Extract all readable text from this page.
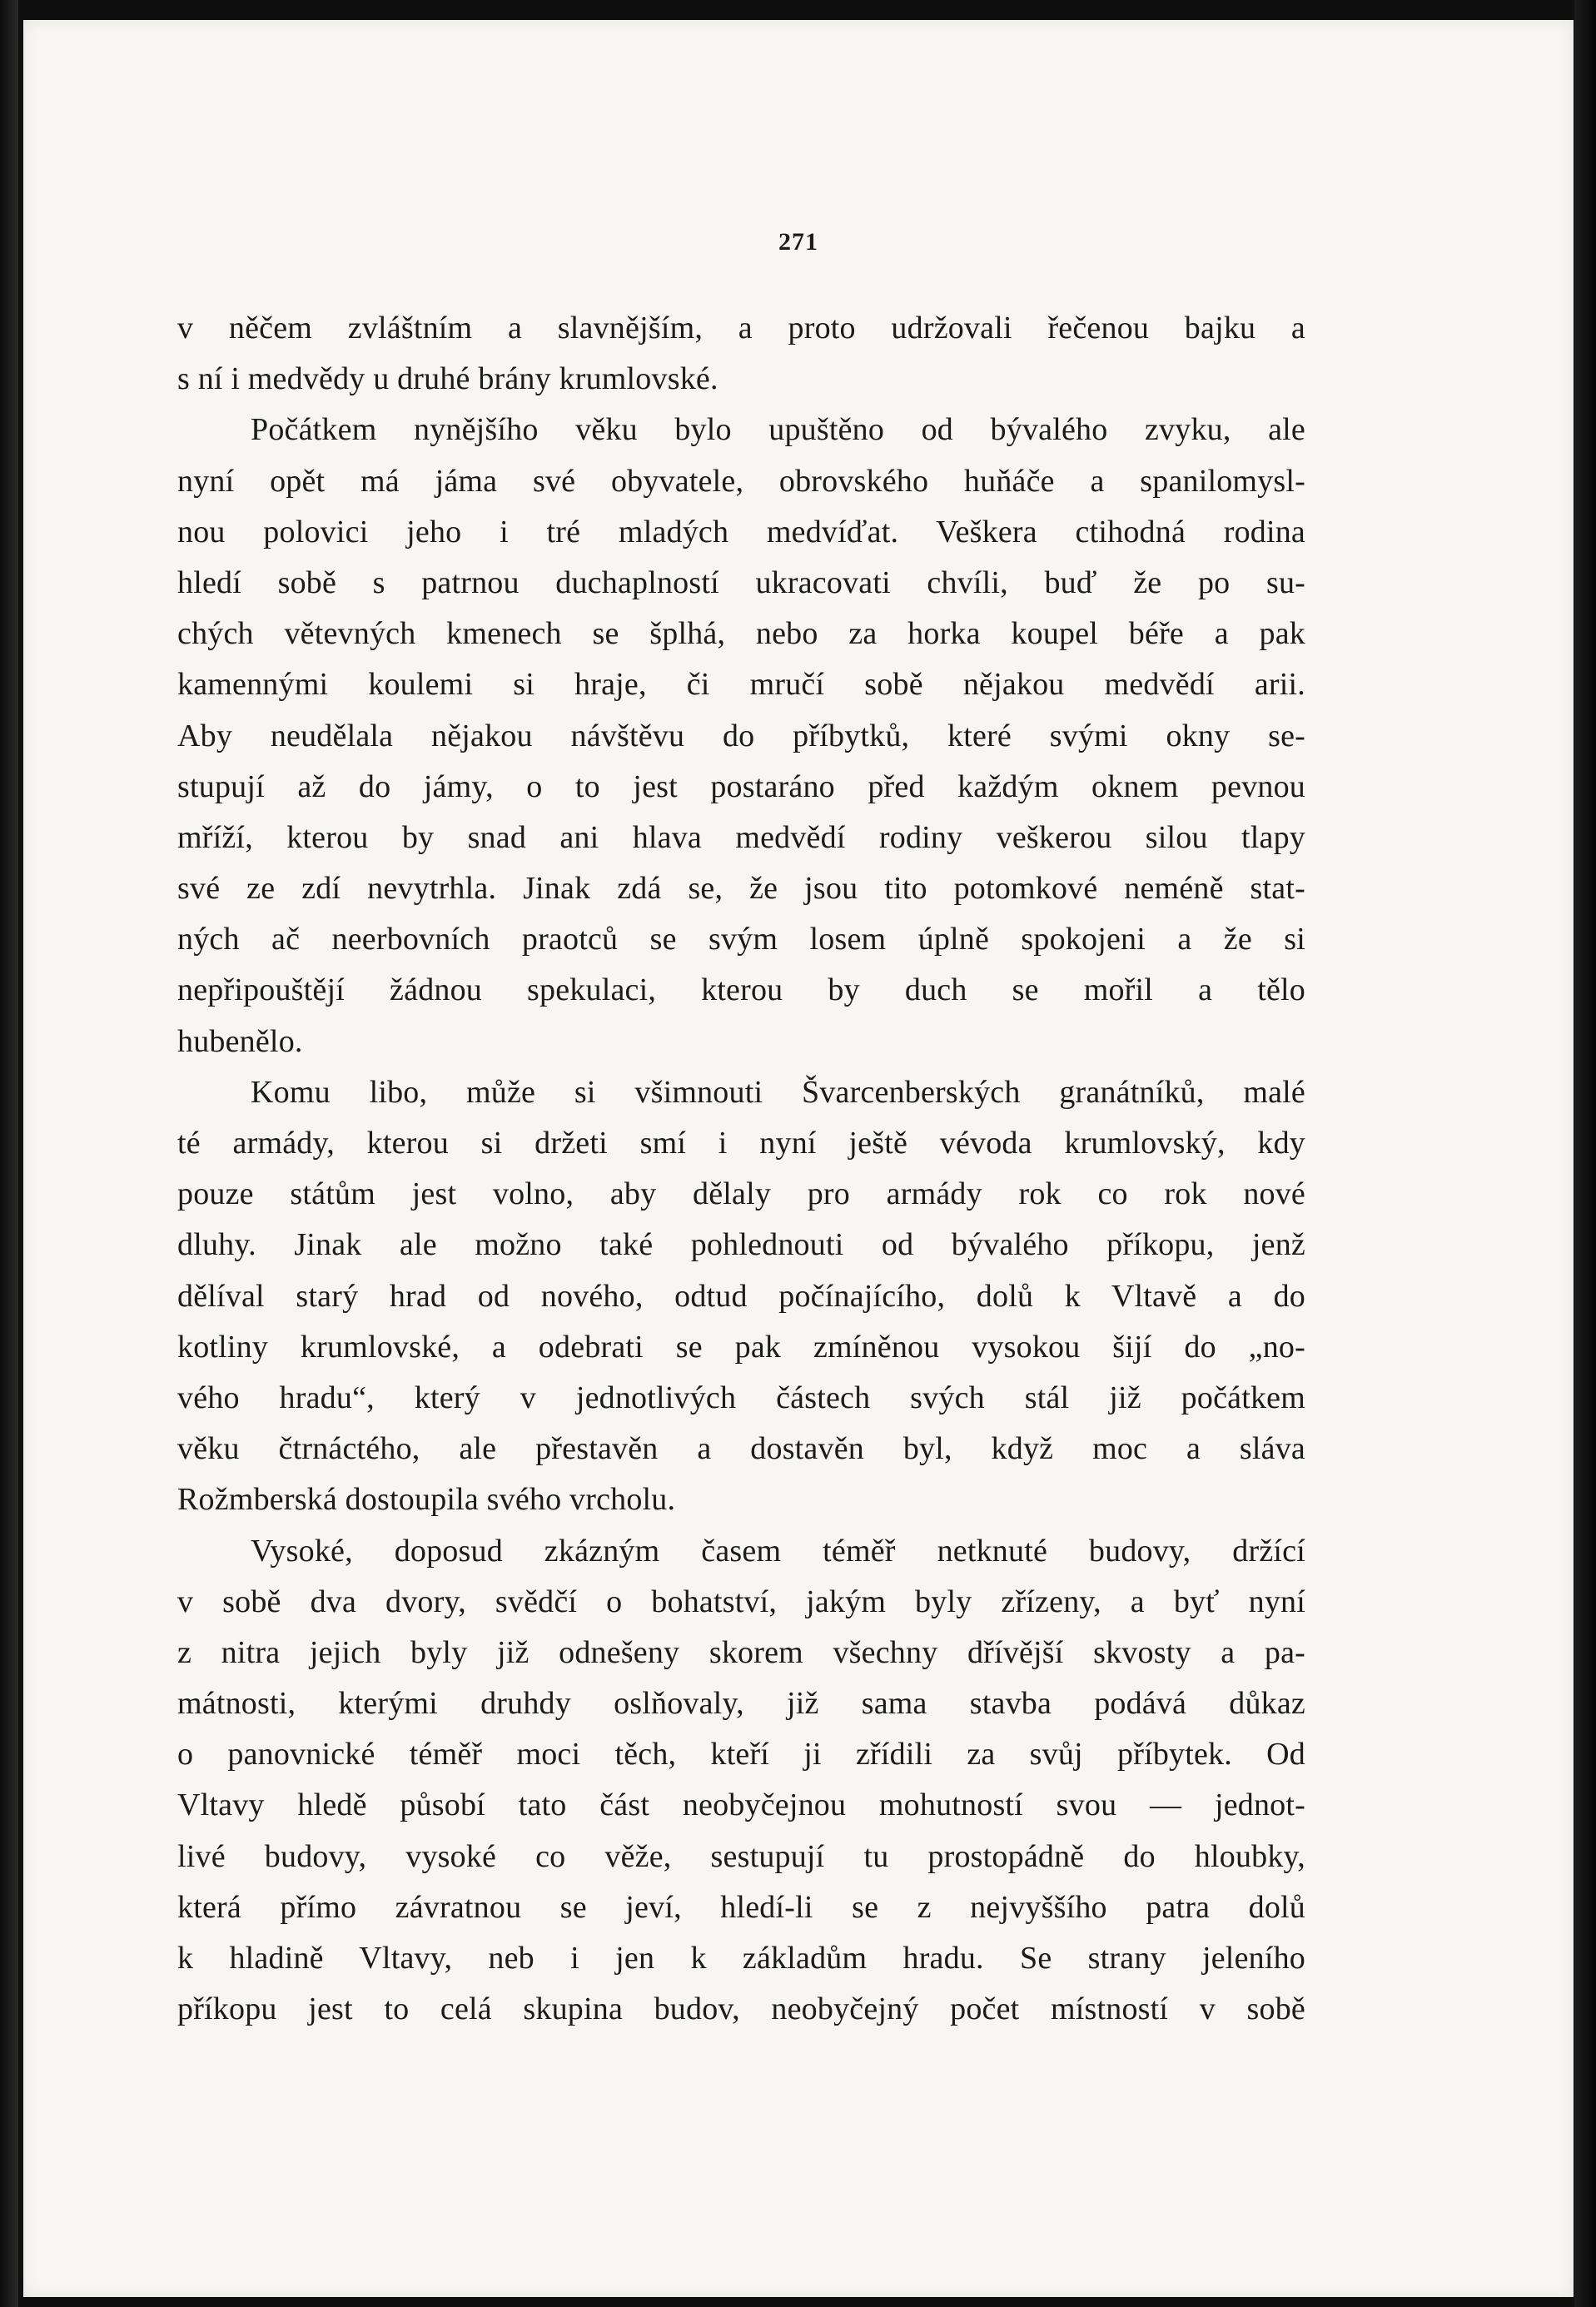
271
v něčem zvláštním a slavnějším, a proto udržovali řečenou bajku a
s ní i medvědy u druhé brány krumlovské.
Počátkem nynějšího věku bylo upuštěno od bývalého zvyku, ale
nyní opět má jáma své obyvatele, obrovského huňáče a spanilomysl-
nou polovici jeho i tré mladých medvíďat. Veškera ctihodná rodina
hledí sobě s patrnou duchaplností ukracovati chvíli, buď že po su-
chých větevných kmenech se šplhá, nebo za horka koupel béře a pak
kamennými koulemi si hraje, či mručí sobě nějakou medvědí arii.
Aby neudělala nějakou návštěvu do příbytků, které svými okny se-
stupují až do jámy, o to jest postaráno před každým oknem pevnou
mříží, kterou by snad ani hlava medvědí rodiny veškerou silou tlapy
své ze zdí nevytrhla. Jinak zdá se, že jsou tito potomkové neméně stat-
ných ač neerbovních praotců se svým losem úplně spokojeni a že si
nepřipouštějí žádnou spekulaci, kterou by duch se mořil a tělo
hubenělo.
Komu libo, může si všimnouti Švarcenberských granátníků, malé
té armády, kterou si držeti smí i nyní ještě vévoda krumlovský, kdy
pouze státům jest volno, aby dělaly pro armády rok co rok nové
dluhy. Jinak ale možno také pohlednouti od bývalého příkopu, jenž
dělíval starý hrad od nového, odtud počínajícího, dolů k Vltavě a do
kotliny krumlovské, a odebrati se pak zmíněnou vysokou šijí do „no-
vého hradu“, který v jednotlivých částech svých stál již počátkem
věku čtrnáctého, ale přestavěn a dostavěn byl, když moc a sláva
Rožmberská dostoupila svého vrcholu.
Vysoké, doposud zkázným časem téměř netknuté budovy, držící
v sobě dva dvory, svědčí o bohatství, jakým byly zřízeny, a byť nyní
z nitra jejich byly již odnešeny skorem všechny dřívější skvosty a pa-
mátnosti, kterými druhdy oslňovaly, již sama stavba podává důkaz
o panovnické téměř moci těch, kteří ji zřídili za svůj příbytek. Od
Vltavy hledě působí tato část neobyčejnou mohutností svou — jednot-
livé budovy, vysoké co věže, sestupují tu prostopádně do hloubky,
která přímo závratnou se jeví, hledí-li se z nejvyššího patra dolů
k hladině Vltavy, neb i jen k základům hradu. Se strany jeleního
příkopu jest to celá skupina budov, neobyčejný počet místností v sobě
